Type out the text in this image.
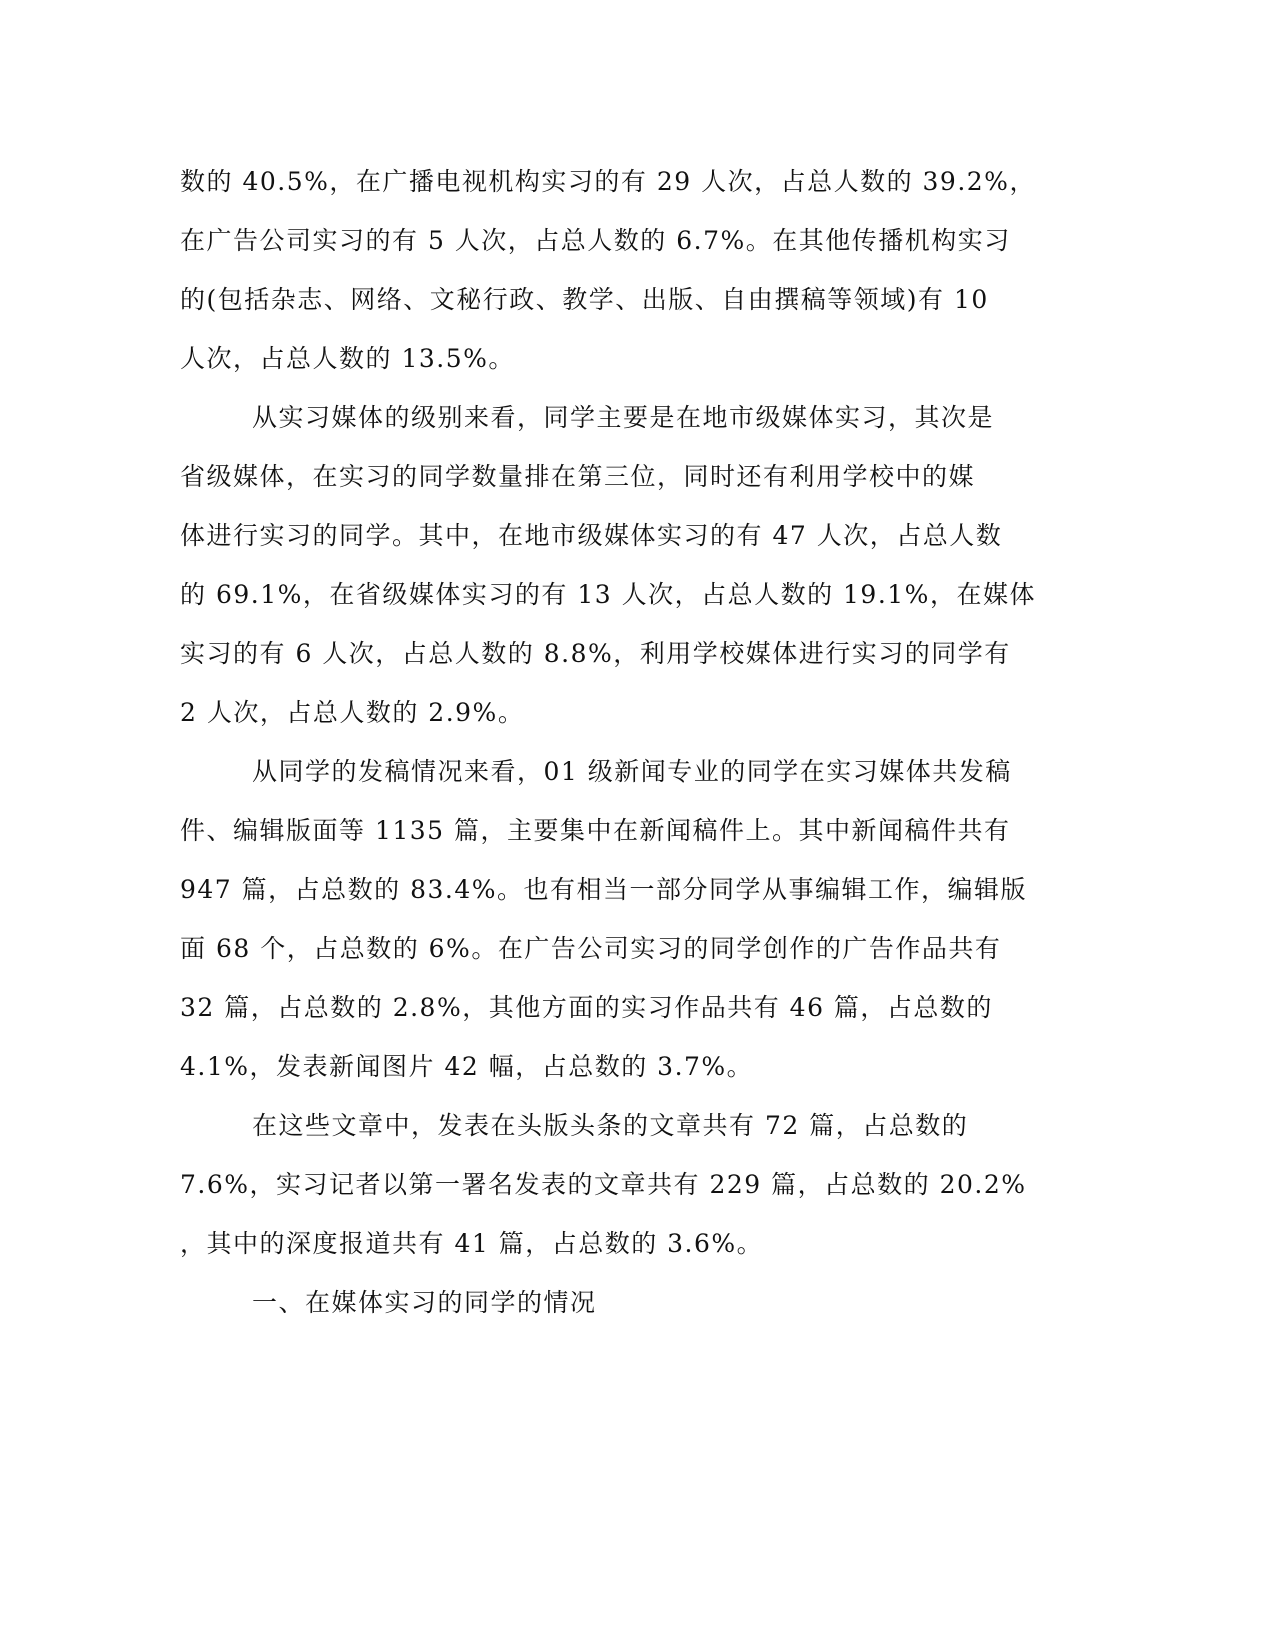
数的 40.5%，在广播电视机构实习的有 29 人次，占总人数的 39.2%，
在广告公司实习的有 5 人次，占总人数的 6.7%。在其他传播机构实习
的(包括杂志、网络、文秘行政、教学、出版、自由撰稿等领域)有 10
人次，占总人数的 13.5%。
从实习媒体的级别来看，同学主要是在地市级媒体实习，其次是
省级媒体，在实习的同学数量排在第三位，同时还有利用学校中的媒
体进行实习的同学。其中，在地市级媒体实习的有 47 人次，占总人数
的 69.1%，在省级媒体实习的有 13 人次，占总人数的 19.1%，在媒体
实习的有 6 人次，占总人数的 8.8%，利用学校媒体进行实习的同学有
2 人次，占总人数的 2.9%。
从同学的发稿情况来看，01 级新闻专业的同学在实习媒体共发稿
件、编辑版面等 1135 篇，主要集中在新闻稿件上。其中新闻稿件共有
947 篇，占总数的 83.4%。也有相当一部分同学从事编辑工作，编辑版
面 68 个，占总数的 6%。在广告公司实习的同学创作的广告作品共有
32 篇，占总数的 2.8%，其他方面的实习作品共有 46 篇，占总数的
4.1%，发表新闻图片 42 幅，占总数的 3.7%。
在这些文章中，发表在头版头条的文章共有 72 篇，占总数的
7.6%，实习记者以第一署名发表的文章共有 229 篇，占总数的 20.2%
，其中的深度报道共有 41 篇，占总数的 3.6%。
一、在媒体实习的同学的情况
